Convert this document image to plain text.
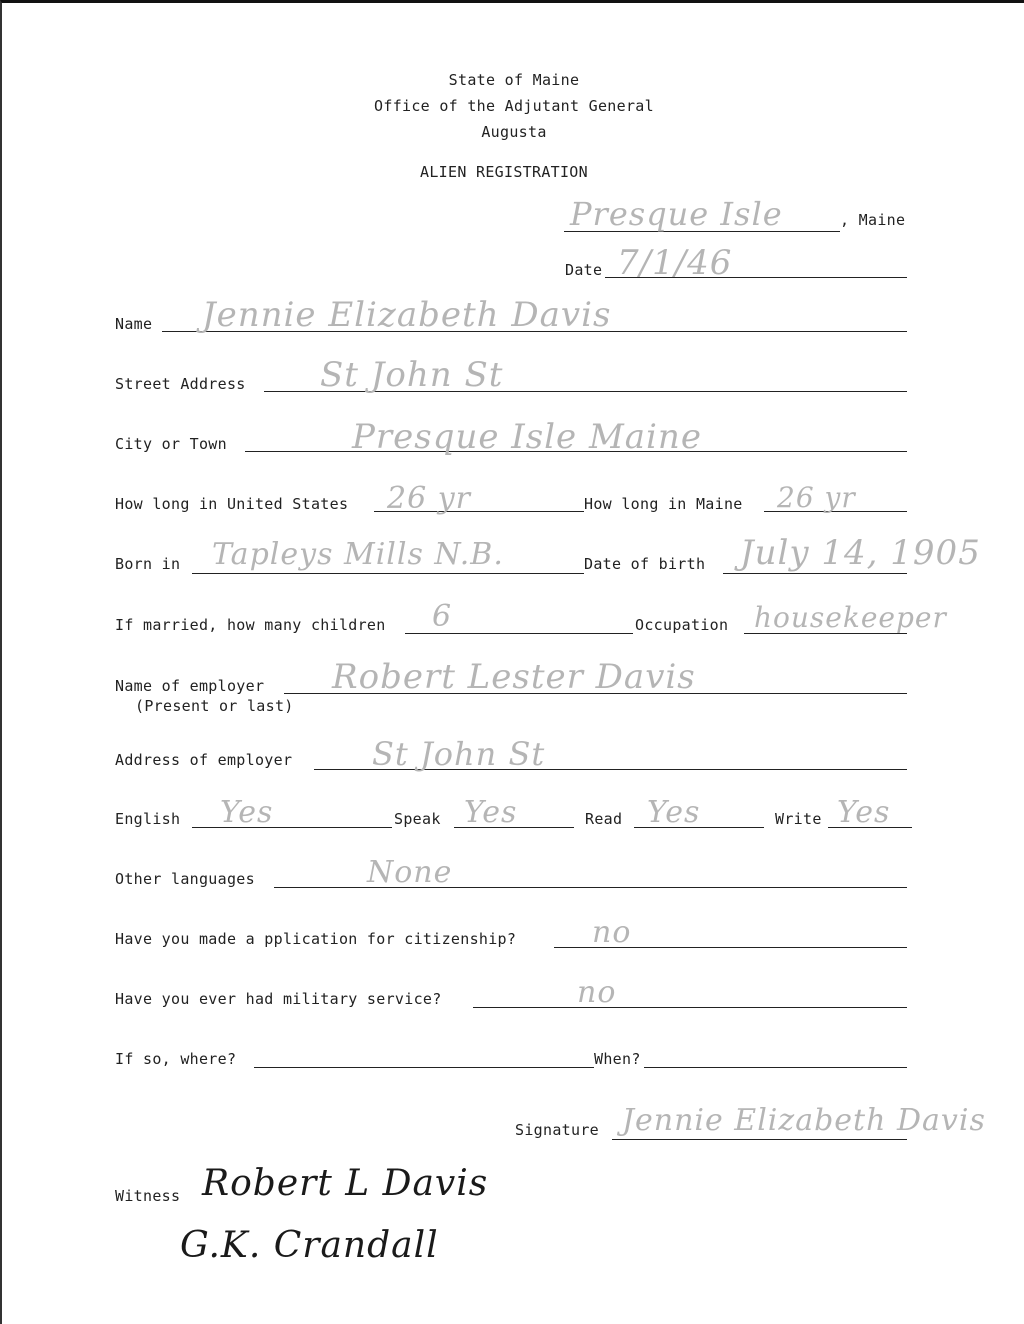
State of Maine
Office of the Adjutant General
Augusta
ALIEN REGISTRATION
Presque Isle	, Maine
Date 7/1/46
Name Jennie Elizabeth Davis
Street Address St John St
City or Town	Presque Isle Maine
How long in United States 26 yr	How long in Maine 26 yr
Born in Tapleys Mills N.B.	Date of birth July 14, 1905
If married, how many children 6	Occupation housekeeper
Name of employer
(Present or last)
Robert Lester Davis
Address of employer St John St
English Yes	Speak Yes	Read Yes	Write Yes
Other languages	None
Have you made a pplication for citizenship?	no
Have you ever had military service?	no
If so, where?	When?
Signature Jennie Elizabeth Davis
Witness Robert L Davis
G.K. Crandall
